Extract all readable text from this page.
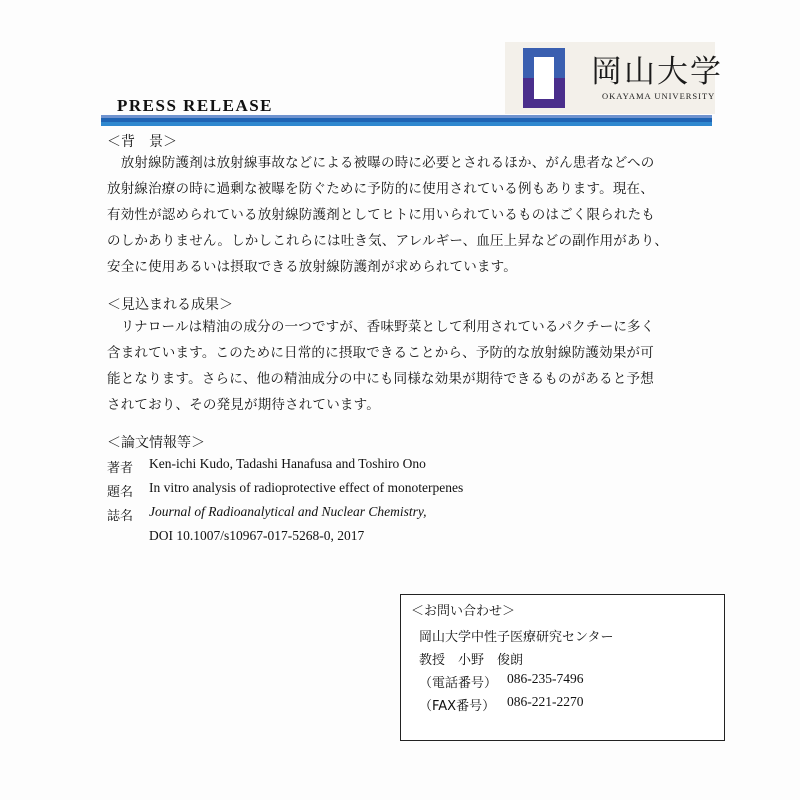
岡山大学
OKAYAMA UNIVERSITY
PRESS RELEASE
＜背　景＞
　放射線防護剤は放射線事故などによる被曝の時に必要とされるほか、がん患者などへの
放射線治療の時に過剰な被曝を防ぐために予防的に使用されている例もあります。現在、
有効性が認められている放射線防護剤としてヒトに用いられているものはごく限られたも
のしかありません。しかしこれらには吐き気、アレルギー、血圧上昇などの副作用があり、
安全に使用あるいは摂取できる放射線防護剤が求められています。
＜見込まれる成果＞
　リナロールは精油の成分の一つですが、香味野菜として利用されているパクチーに多く
含まれています。このために日常的に摂取できることから、予防的な放射線防護効果が可
能となります。さらに、他の精油成分の中にも同様な効果が期待できるものがあると予想
されており、その発見が期待されています。
＜論文情報等＞
著者 Ken-ichi Kudo, Tadashi Hanafusa and Toshiro Ono
題名 In vitro analysis of radioprotective effect of monoterpenes
誌名 Journal of Radioanalytical and Nuclear Chemistry,
DOI 10.1007/s10967-017-5268-0, 2017
＜お問い合わせ＞
岡山大学中性子医療研究センター
教授　小野　俊朗
（電話番号） 086-235-7496
（FAX番号） 086-221-2270
